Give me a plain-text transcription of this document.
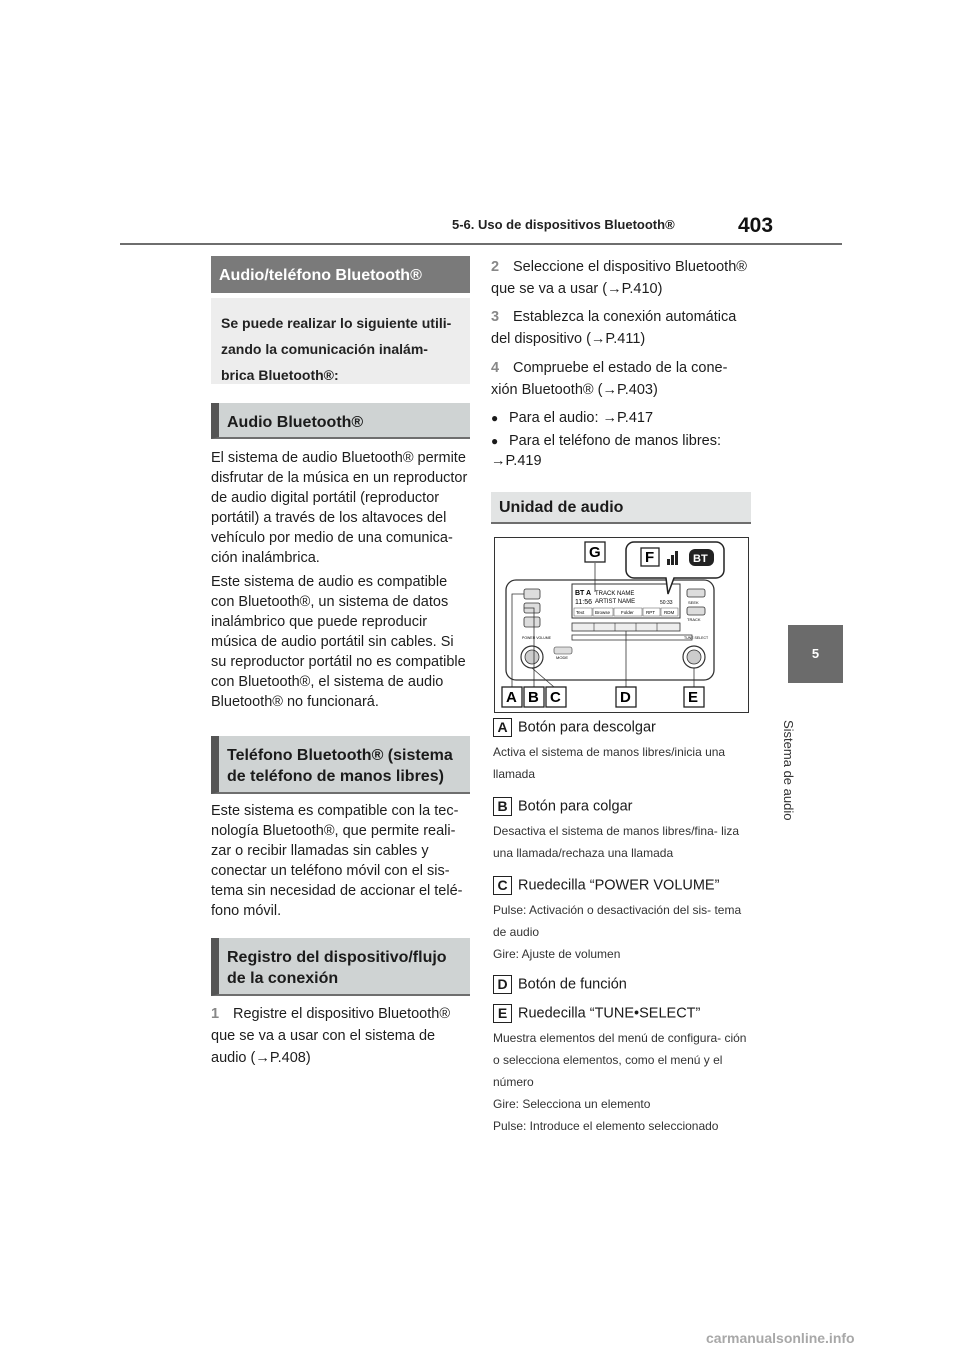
5-6. Uso de dispositivos Bluetooth®	403
5
Sistema de audio
Audio/teléfono Bluetooth®
Se puede realizar lo siguiente utili- zando la comunicación inalám- brica Bluetooth®:
Audio Bluetooth®

El sistema de audio Bluetooth® permite disfrutar de la música en un reproductor de audio digital portátil (reproductor portátil) a través de los altavoces del vehículo por medio de una comunica- ción inalámbrica.

Este sistema de audio es compatible con Bluetooth®, un sistema de datos inalámbrico que puede reproducir música de audio portátil sin cables. Si su reproductor portátil no es compatible con Bluetooth®, el sistema de audio Bluetooth® no funcionará.

Teléfono Bluetooth® (sistema de teléfono de manos libres)

Este sistema es compatible con la tec- nología Bluetooth®, que permite reali- zar o recibir llamadas sin cables y conectar un teléfono móvil con el sis- tema sin necesidad de accionar el telé- fono móvil.

Registro del dispositivo/flujo de la conexión
1 Registre el dispositivo Bluetooth® que se va a usar con el sistema de audio (→P.408)
2 Seleccione el dispositivo Bluetooth® que se va a usar (→P.410)
3 Establezca la conexión automática del dispositivo (→P.411)
4 Compruebe el estado de la cone- xión Bluetooth® (→P.403)
● Para el audio: →P.417
● Para el teléfono de manos libres: →P.419
Unidad de audio
BT A TRACK NAME
ARTIST NAME
11:56	50:33
Text Browse Folder	RPT RDM
SEEK
TRACK
POWER VOLUME	TUNE SELECT
MODE
F	BT
G
A B C	D	E
A Botón para descolgar
Activa el sistema de manos libres/inicia una llamada
B Botón para colgar
Desactiva el sistema de manos libres/fina- liza una llamada/rechaza una llamada
C Ruedecilla “POWER VOLUME”
Pulse: Activación o desactivación del sis- tema de audio
Gire: Ajuste de volumen
D Botón de función
E Ruedecilla “TUNE•SELECT”
Muestra elementos del menú de configura- ción o selecciona elementos, como el menú y el número
Gire: Selecciona un elemento
Pulse: Introduce el elemento seleccionado
carmanualsonline.info
